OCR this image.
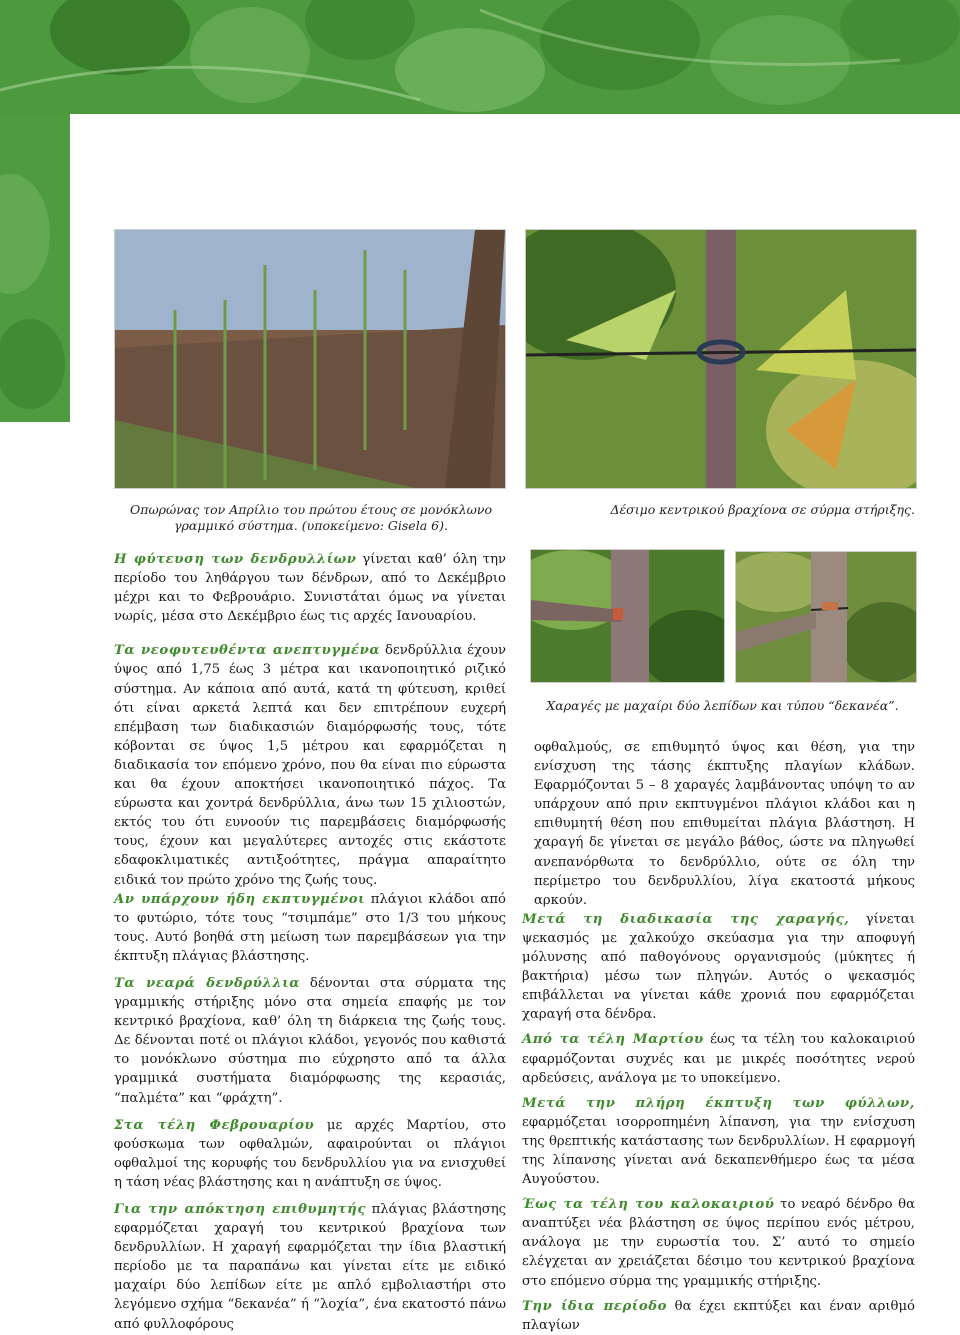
Οπωρώνας τον Απρίλιο του πρώτου έτους σε μονόκλωνο γραμμικό σύστημα. (υποκείμενο: Gisela 6).
Δέσιμο κεντρικού βραχίονα σε σύρμα στήριξης.
Χαραγές με μαχαίρι δύο λεπίδων και τύπου “δεκανέα”.

Η φύτευση των δενδρυλλίων γίνεται καθ’ όλη την περίοδο του ληθάργου των δένδρων, από το Δεκέμβριο μέχρι και το Φεβρουάριο. Συνιστάται όμως να γίνεται νωρίς, μέσα στο Δεκέμβριο έως τις αρχές Ιανουαρίου.

Τα νεοφυτευθέντα ανεπτυγμένα δενδρύλλια έχουν ύψος από 1,75 έως 3 μέτρα και ικανοποιητικό ριζικό σύστημα. Αν κάποια από αυτά, κατά τη φύτευση, κριθεί ότι είναι αρκετά λεπτά και δεν επιτρέπουν ευχερή επέμβαση των διαδικασιών διαμόρφωσής τους, τότε κόβονται σε ύψος 1,5 μέτρου και εφαρμόζεται η διαδικασία τον επόμενο χρόνο, που θα είναι πιο εύρωστα και θα έχουν αποκτήσει ικανοποιητικό πάχος. Τα εύρωστα και χοντρά δενδρύλλια, άνω των 15 χιλιοστών, εκτός του ότι ευνοούν τις παρεμβάσεις διαμόρφωσής τους, έχουν και μεγαλύτερες αντοχές στις εκάστοτε εδαφοκλιματικές αντιξοότητες, πράγμα απαραίτητο ειδικά τον πρώτο χρόνο της ζωής τους.

Αν υπάρχουν ήδη εκπτυγμένοι πλάγιοι κλάδοι από το φυτώριο, τότε τους “τσιμπάμε” στο 1/3 του μήκους τους. Αυτό βοηθά στη μείωση των παρεμβάσεων για την έκπτυξη πλάγιας βλάστησης.

Τα νεαρά δενδρύλλια δένονται στα σύρματα της γραμμικής στήριξης μόνο στα σημεία επαφής με τον κεντρικό βραχίονα, καθ’ όλη τη διάρκεια της ζωής τους. Δε δένονται ποτέ οι πλάγιοι κλάδοι, γεγονός που καθιστά το μονόκλωνο σύστημα πιο εύχρηστο από τα άλλα γραμμικά συστήματα διαμόρφωσης της κερασιάς, “παλμέτα” και “φράχτη”.

Στα τέλη Φεβρουαρίου με αρχές Μαρτίου, στο φούσκωμα των οφθαλμών, αφαιρούνται οι πλάγιοι οφθαλμοί της κορυφής του δενδρυλλίου για να ενισχυθεί η τάση νέας βλάστησης και η ανάπτυξη σε ύψος.

Για την απόκτηση επιθυμητής πλάγιας βλάστησης εφαρμόζεται χαραγή του κεντρικού βραχίονα των δενδρυλλίων. Η χαραγή εφαρμόζεται την ίδια βλαστική περίοδο με τα παραπάνω και γίνεται είτε με ειδικό μαχαίρι δύο λεπίδων είτε με απλό εμβολιαστήρι στο λεγόμενο σχήμα “δεκανέα” ή “λοχία”, ένα εκατοστό πάνω από φυλλοφόρους

οφθαλμούς, σε επιθυμητό ύψος και θέση, για την ενίσχυση της τάσης έκπτυξης πλαγίων κλάδων. Εφαρμόζονται 5 – 8 χαραγές λαμβάνοντας υπόψη το αν υπάρχουν από πριν εκπτυγμένοι πλάγιοι κλάδοι και η επιθυμητή θέση που επιθυμείται πλάγια βλάστηση. Η χαραγή δε γίνεται σε μεγάλο βάθος, ώστε να πληγωθεί ανεπανόρθωτα το δενδρύλλιο, ούτε σε όλη την περίμετρο του δενδρυλλίου, λίγα εκατοστά μήκους αρκούν.

Μετά τη διαδικασία της χαραγής, γίνεται ψεκασμός με χαλκούχο σκεύασμα για την αποφυγή μόλυνσης από παθογόνους οργανισμούς (μύκητες ή βακτήρια) μέσω των πληγών. Αυτός ο ψεκασμός επιβάλλεται να γίνεται κάθε χρονιά που εφαρμόζεται χαραγή στα δένδρα.

Από τα τέλη Μαρτίου έως τα τέλη του καλοκαιριού εφαρμόζονται συχνές και με μικρές ποσότητες νερού αρδεύσεις, ανάλογα με το υποκείμενο.

Μετά την πλήρη έκπτυξη των φύλλων, εφαρμόζεται ισορροπημένη λίπανση, για την ενίσχυση της θρεπτικής κατάστασης των δενδρυλλίων. Η εφαρμογή της λίπανσης γίνεται ανά δεκαπενθήμερο έως τα μέσα Αυγούστου.

Έως τα τέλη του καλοκαιριού το νεαρό δένδρο θα αναπτύξει νέα βλάστηση σε ύψος περίπου ενός μέτρου, ανάλογα με την ευρωστία του. Σ’ αυτό το σημείο ελέγχεται αν χρειάζεται δέσιμο του κεντρικού βραχίονα στο επόμενο σύρμα της γραμμικής στήριξης.

Την ίδια περίοδο θα έχει εκπτύξει και έναν αριθμό πλαγίων
